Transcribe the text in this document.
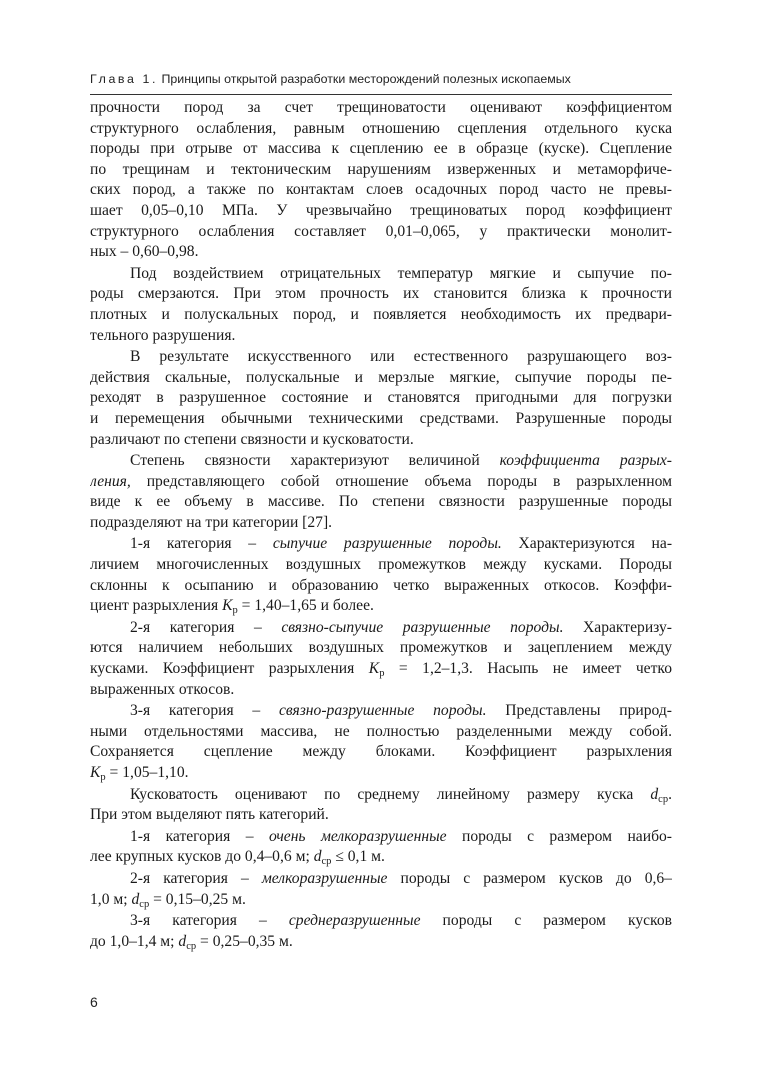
Глава 1. Принципы открытой разработки месторождений полезных ископаемых
прочности пород за счет трещиноватости оценивают коэффициентом
структурного ослабления, равным отношению сцепления отдельного куска
породы при отрыве от массива к сцеплению ее в образце (куске). Сцепление
по трещинам и тектоническим нарушениям изверженных и метаморфиче-
ских пород, а также по контактам слоев осадочных пород часто не превы-
шает 0,05–0,10 МПа. У чрезвычайно трещиноватых пород коэффициент
структурного ослабления составляет 0,01–0,065, у практически монолит-
ных – 0,60–0,98.
Под воздействием отрицательных температур мягкие и сыпучие по-
роды смерзаются. При этом прочность их становится близка к прочности
плотных и полускальных пород, и появляется необходимость их предвари-
тельного разрушения.
В результате искусственного или естественного разрушающего воз-
действия скальные, полускальные и мерзлые мягкие, сыпучие породы пе-
реходят в разрушенное состояние и становятся пригодными для погрузки
и перемещения обычными техническими средствами. Разрушенные породы
различают по степени связности и кусковатости.
Степень связности характеризуют величиной коэффициента разрых-
ления, представляющего собой отношение объема породы в разрыхленном
виде к ее объему в массиве. По степени связности разрушенные породы
подразделяют на три категории [27].
1-я категория – сыпучие разрушенные породы. Характеризуются на-
личием многочисленных воздушных промежутков между кусками. Породы
склонны к осыпанию и образованию четко выраженных откосов. Коэффи-
циент разрыхления $K_р = 1,40-1,65$ и более.
2-я категория – связно-сыпучие разрушенные породы. Характеризу-
ются наличием небольших воздушных промежутков и зацеплением между
кусками. Коэффициент разрыхления $K_р = 1,2-1,3$. Насыпь не имеет четко
выраженных откосов.
3-я категория – связно-разрушенные породы. Представлены природ-
ными отдельностями массива, не полностью разделенными между собой.
Сохраняется сцепление между блоками. Коэффициент разрыхления
$K_р = 1,05-1,10$.
Кусковатость оценивают по среднему линейному размеру куска $d_{ср}$.
При этом выделяют пять категорий.
1-я категория – очень мелкоразрушенные породы с размером наибо-
лее крупных кусков до 0,4–0,6 м; $d_{ср} \le 0,1$ м.
2-я категория – мелкоразрушенные породы с размером кусков до 0,6–
1,0 м; $d_{ср} = 0,15-0,25$ м.
3-я категория – среднеразрушенные породы с размером кусков
до 1,0–1,4 м; $d_{ср} = 0,25-0,35$ м.
6
